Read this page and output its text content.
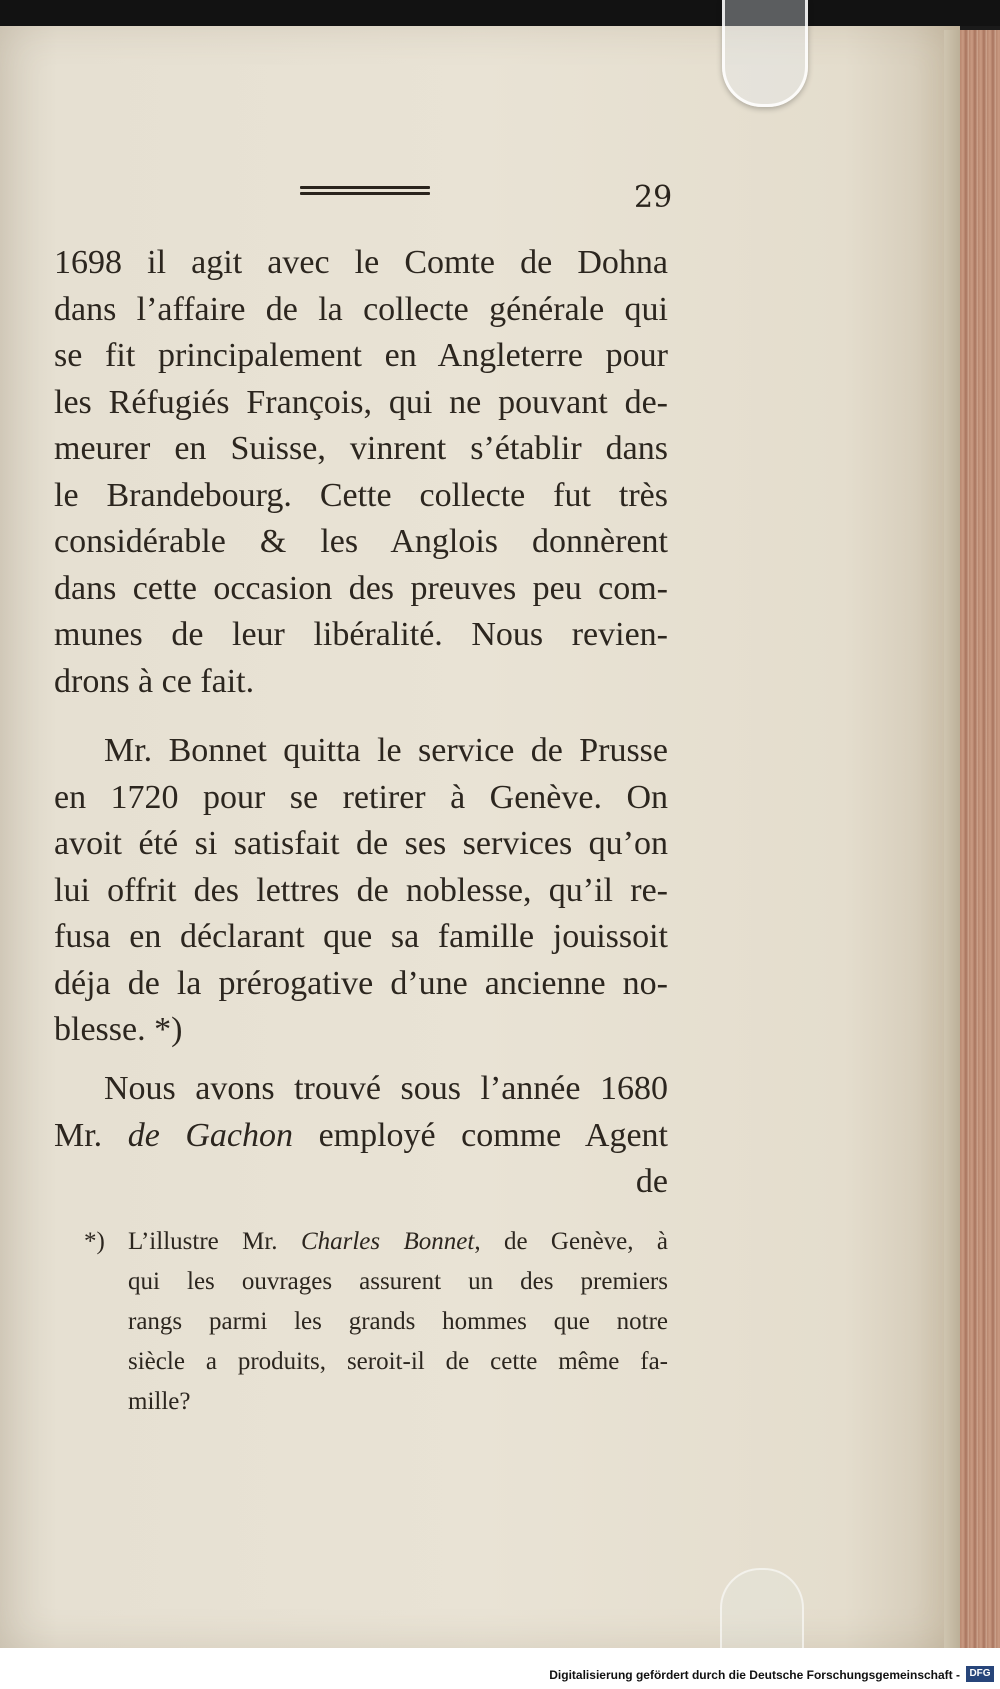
29
1698 il agit avec le Comte de Dohna
dans l’affaire de la collecte générale qui
se fit principalement en Angleterre pour
les Réfugiés François, qui ne pouvant de-
meurer en Suisse, vinrent s’établir dans
le Brandebourg. Cette collecte fut très
considérable & les Anglois donnèrent
dans cette occasion des preuves peu com-
munes de leur libéralité. Nous revien-
drons à ce fait.
Mr. Bonnet quitta le service de Prusse
en 1720 pour se retirer à Genève. On
avoit été si satisfait de ses services qu’on
lui offrit des lettres de noblesse, qu’il re-
fusa en déclarant que sa famille jouissoit
déja de la prérogative d’une ancienne no-
blesse. *)
Nous avons trouvé sous l’année 1680
Mr. de Gachon employé comme Agent
de
*) L’illustre Mr. Charles Bonnet, de Genève, à
qui les ouvrages assurent un des premiers
rangs parmi les grands hommes que notre
siècle a produits, seroit-il de cette même fa-
mille?
Digitalisierung gefördert durch die Deutsche Forschungsgemeinschaft - DFG
